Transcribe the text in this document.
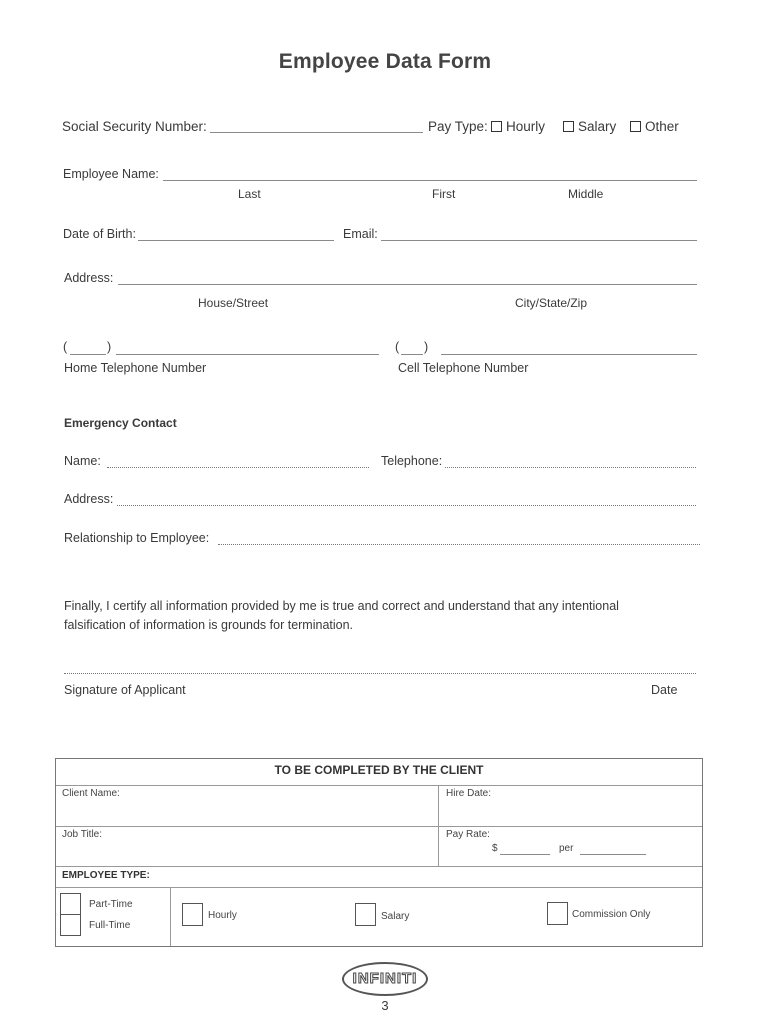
Employee Data Form
Social Security Number:	Pay Type:	Hourly	Salary	Other
Employee Name:
Last	First	Middle
Date of Birth:	Email:
Address:
House/Street	City/State/Zip
(	)
Home Telephone Number
( )
Cell Telephone Number
Emergency Contact
Name:	Telephone:
Address:
Relationship to Employee:
Finally, I certify all information provided by me is true and correct and understand that any intentional
falsification of information is grounds for termination.
Signature of Applicant	Date
TO BE COMPLETED BY THE CLIENT
Client Name:	Hire Date:
Job Title:	Pay Rate:
$	per
EMPLOYEE TYPE:
Part-Time
Full-Time
Hourly	Salary	Commission Only
INFINITI
3
